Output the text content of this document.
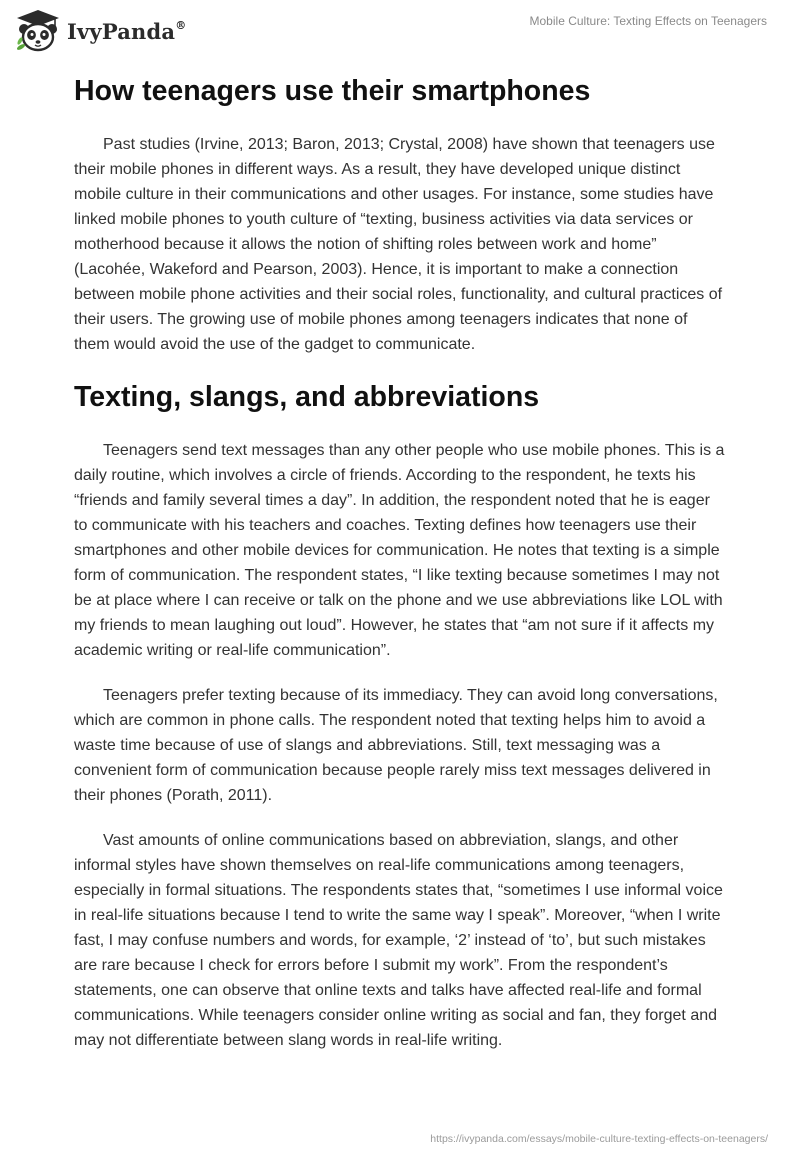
IvyPanda®	Mobile Culture: Texting Effects on Teenagers
How teenagers use their smartphones

Past studies (Irvine, 2013; Baron, 2013; Crystal, 2008) have shown that teenagers use their mobile phones in different ways. As a result, they have developed unique distinct mobile culture in their communications and other usages. For instance, some studies have linked mobile phones to youth culture of “texting, business activities via data services or motherhood because it allows the notion of shifting roles between work and home” (Lacohée, Wakeford and Pearson, 2003). Hence, it is important to make a connection between mobile phone activities and their social roles, functionality, and cultural practices of their users. The growing use of mobile phones among teenagers indicates that none of them would avoid the use of the gadget to communicate.

Texting, slangs, and abbreviations

Teenagers send text messages than any other people who use mobile phones. This is a daily routine, which involves a circle of friends. According to the respondent, he texts his “friends and family several times a day”. In addition, the respondent noted that he is eager to communicate with his teachers and coaches. Texting defines how teenagers use their smartphones and other mobile devices for communication. He notes that texting is a simple form of communication. The respondent states, “I like texting because sometimes I may not be at place where I can receive or talk on the phone and we use abbreviations like LOL with my friends to mean laughing out loud”. However, he states that “am not sure if it affects my academic writing or real-life communication”.

Teenagers prefer texting because of its immediacy. They can avoid long conversations, which are common in phone calls. The respondent noted that texting helps him to avoid a waste time because of use of slangs and abbreviations. Still, text messaging was a convenient form of communication because people rarely miss text messages delivered in their phones (Porath, 2011).

Vast amounts of online communications based on abbreviation, slangs, and other informal styles have shown themselves on real-life communications among teenagers, especially in formal situations. The respondents states that, “sometimes I use informal voice in real-life situations because I tend to write the same way I speak”. Moreover, “when I write fast, I may confuse numbers and words, for example, ‘2’ instead of ‘to’, but such mistakes are rare because I check for errors before I submit my work”. From the respondent’s statements, one can observe that online texts and talks have affected real-life and formal communications. While teenagers consider online writing as social and fan, they forget and may not differentiate between slang words in real-life writing.

https://ivypanda.com/essays/mobile-culture-texting-effects-on-teenagers/
